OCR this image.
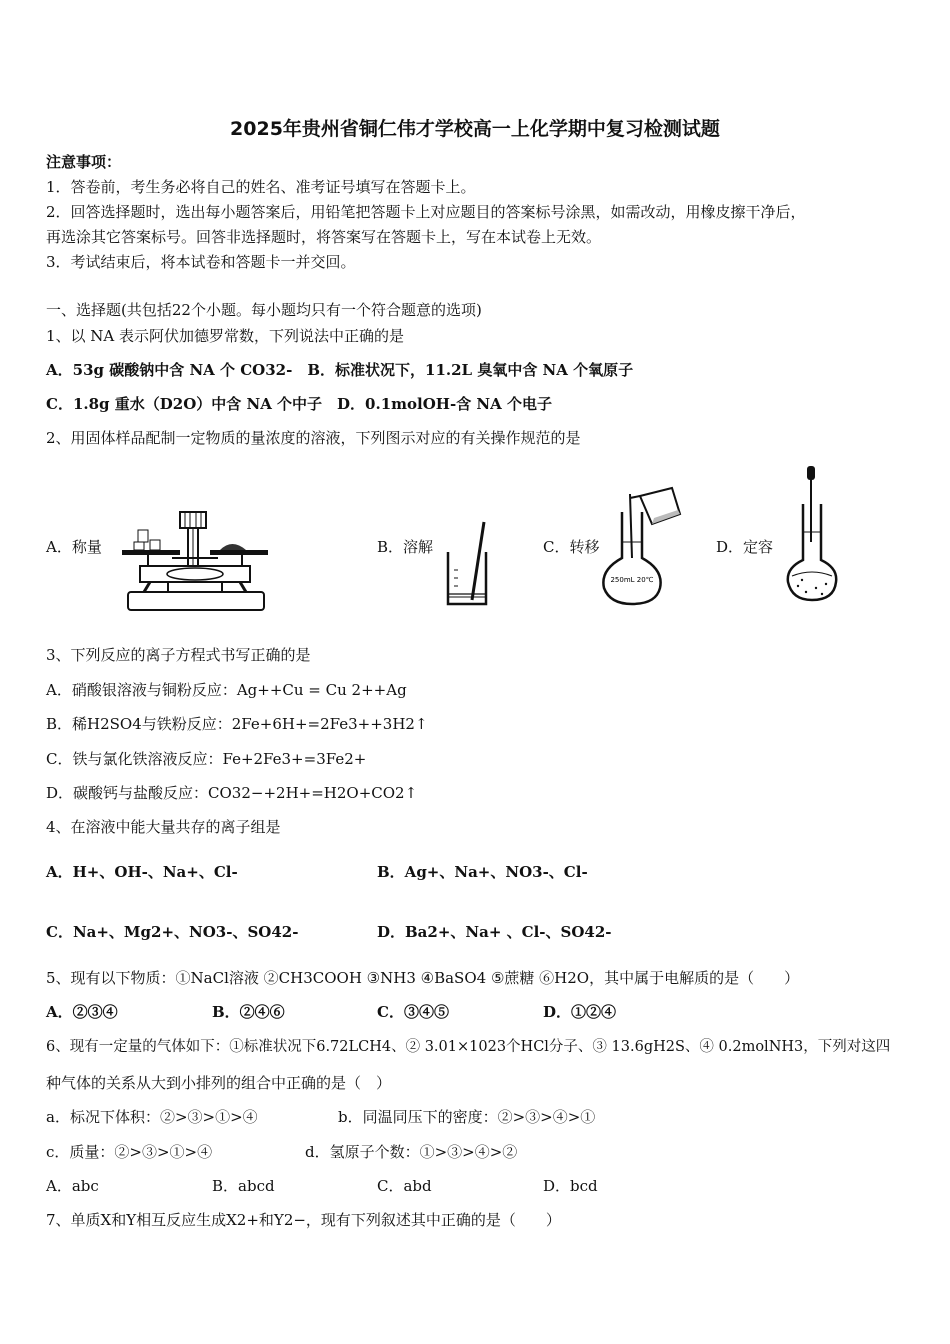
2025年贵州省铜仁伟才学校高一上化学期中复习检测试题
注意事项：
1．答卷前，考生务必将自己的姓名、准考证号填写在答题卡上。
2．回答选择题时，选出每小题答案后，用铅笔把答题卡上对应题目的答案标号涂黑，如需改动，用橡皮擦干净后，
再选涂其它答案标号。回答非选择题时，将答案写在答题卡上，写在本试卷上无效。
3．考试结束后，将本试卷和答题卡一并交回。
一、选择题(共包括22个小题。每小题均只有一个符合题意的选项)
1、以 NA 表示阿伏加德罗常数，下列说法中正确的是
A．53g 碳酸钠中含 NA 个 CO32-　B．标准状况下，11.2L 臭氧中含 NA 个氧原子
C．1.8g 重水（D2O）中含 NA 个中子　D．0.1molOH-含 NA 个电子
2、用固体样品配制一定物质的量浓度的溶液，下列图示对应的有关操作规范的是
A．称量	B．溶解	C．转移	D．定容
250mL 20℃
3、下列反应的离子方程式书写正确的是
A．硝酸银溶液与铜粉反应：Ag++Cu = Cu 2++Ag
B．稀H2SO4与铁粉反应：2Fe+6H+=2Fe3++3H2↑
C．铁与氯化铁溶液反应：Fe+2Fe3+=3Fe2+
D．碳酸钙与盐酸反应：CO32−+2H+=H2O+CO2↑
4、在溶液中能大量共存的离子组是
A．H+、OH-、Na+、Cl-	B．Ag+、Na+、NO3-、Cl-
C．Na+、Mg2+、NO3-、SO42-	D．Ba2+、Na+ 、Cl-、SO42-
5、现有以下物质：①NaCl溶液 ②CH3COOH ③NH3 ④BaSO4 ⑤蔗糖 ⑥H2O，其中属于电解质的是（　　）
A．②③④	B．②④⑥	C．③④⑤	D．①②④
6、现有一定量的气体如下：①标准状况下6.72LCH4、② 3.01×1023个HCl分子、③ 13.6gH2S、④ 0.2molNH3，下列对这四
种气体的关系从大到小排列的组合中正确的是（　）
a．标况下体积：②>③>①>④	b．同温同压下的密度：②>③>④>①
c．质量：②>③>①>④	d．氢原子个数：①>③>④>②
A．abc	B．abcd	C．abd	D．bcd
7、单质X和Y相互反应生成X2+和Y2−，现有下列叙述其中正确的是（　　）
